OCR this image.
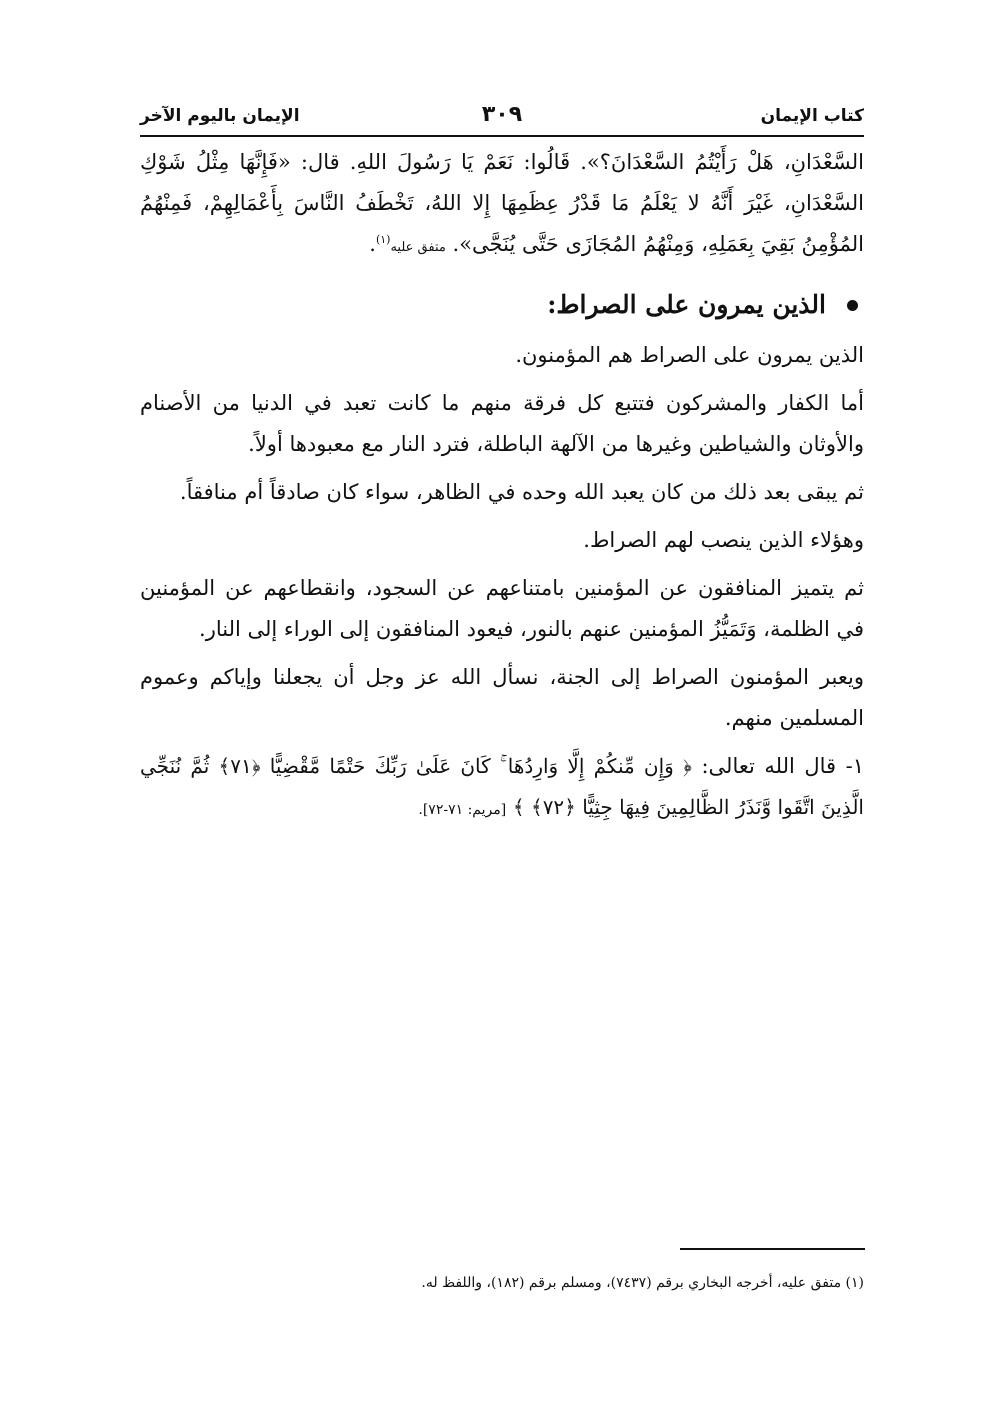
كتاب الإيمان
٣٠٩
الإيمان باليوم الآخر

السَّعْدَانِ، هَلْ رَأَيْتُمُ السَّعْدَانَ؟». قَالُوا: نَعَمْ يَا رَسُولَ اللهِ. قال: «فَإِنَّهَا مِثْلُ شَوْكِ السَّعْدَانِ، غَيْرَ أَنَّهُ لا يَعْلَمُ مَا قَدْرُ عِظَمِهَا إِلا اللهُ، تَخْطَفُ النَّاسَ بِأَعْمَالِهِمْ، فَمِنْهُمُ المُؤْمِنُ بَقِيَ بِعَمَلِهِ، وَمِنْهُمُ المُجَازَى حَتَّى يُنَجَّى». متفق عليه$^{(١)}$.

الذين يمرون على الصراط:

الذين يمرون على الصراط هم المؤمنون.

أما الكفار والمشركون فتتبع كل فرقة منهم ما كانت تعبد في الدنيا من الأصنام والأوثان والشياطين وغيرها من الآلهة الباطلة، فترد النار مع معبودها أولاً.

ثم يبقى بعد ذلك من كان يعبد الله وحده في الظاهر، سواء كان صادقاً أم منافقاً.

وهؤلاء الذين ينصب لهم الصراط.

ثم يتميز المنافقون عن المؤمنين بامتناعهم عن السجود، وانقطاعهم عن المؤمنين في الظلمة، وَتَمَيُّزُ المؤمنين عنهم بالنور، فيعود المنافقون إلى الوراء إلى النار.

ويعبر المؤمنون الصراط إلى الجنة، نسأل الله عز وجل أن يجعلنا وإياكم وعموم المسلمين منهم.

١- قال الله تعالى: ﴿ وَإِن مِّنكُمْ إِلَّا وَارِدُهَا ۚ كَانَ عَلَىٰ رَبِّكَ حَتْمًا مَّقْضِيًّا ﴿٧١﴾ ثُمَّ نُنَجِّي الَّذِينَ اتَّقَوا وَّنَذَرُ الظَّالِمِينَ فِيهَا جِثِيًّا ﴿٧٢﴾ ﴾ [مريم: ٧١-٧٢].

(١) متفق عليه، أخرجه البخاري برقم (٧٤٣٧)، ومسلم برقم (١٨٢)، واللفظ له.
